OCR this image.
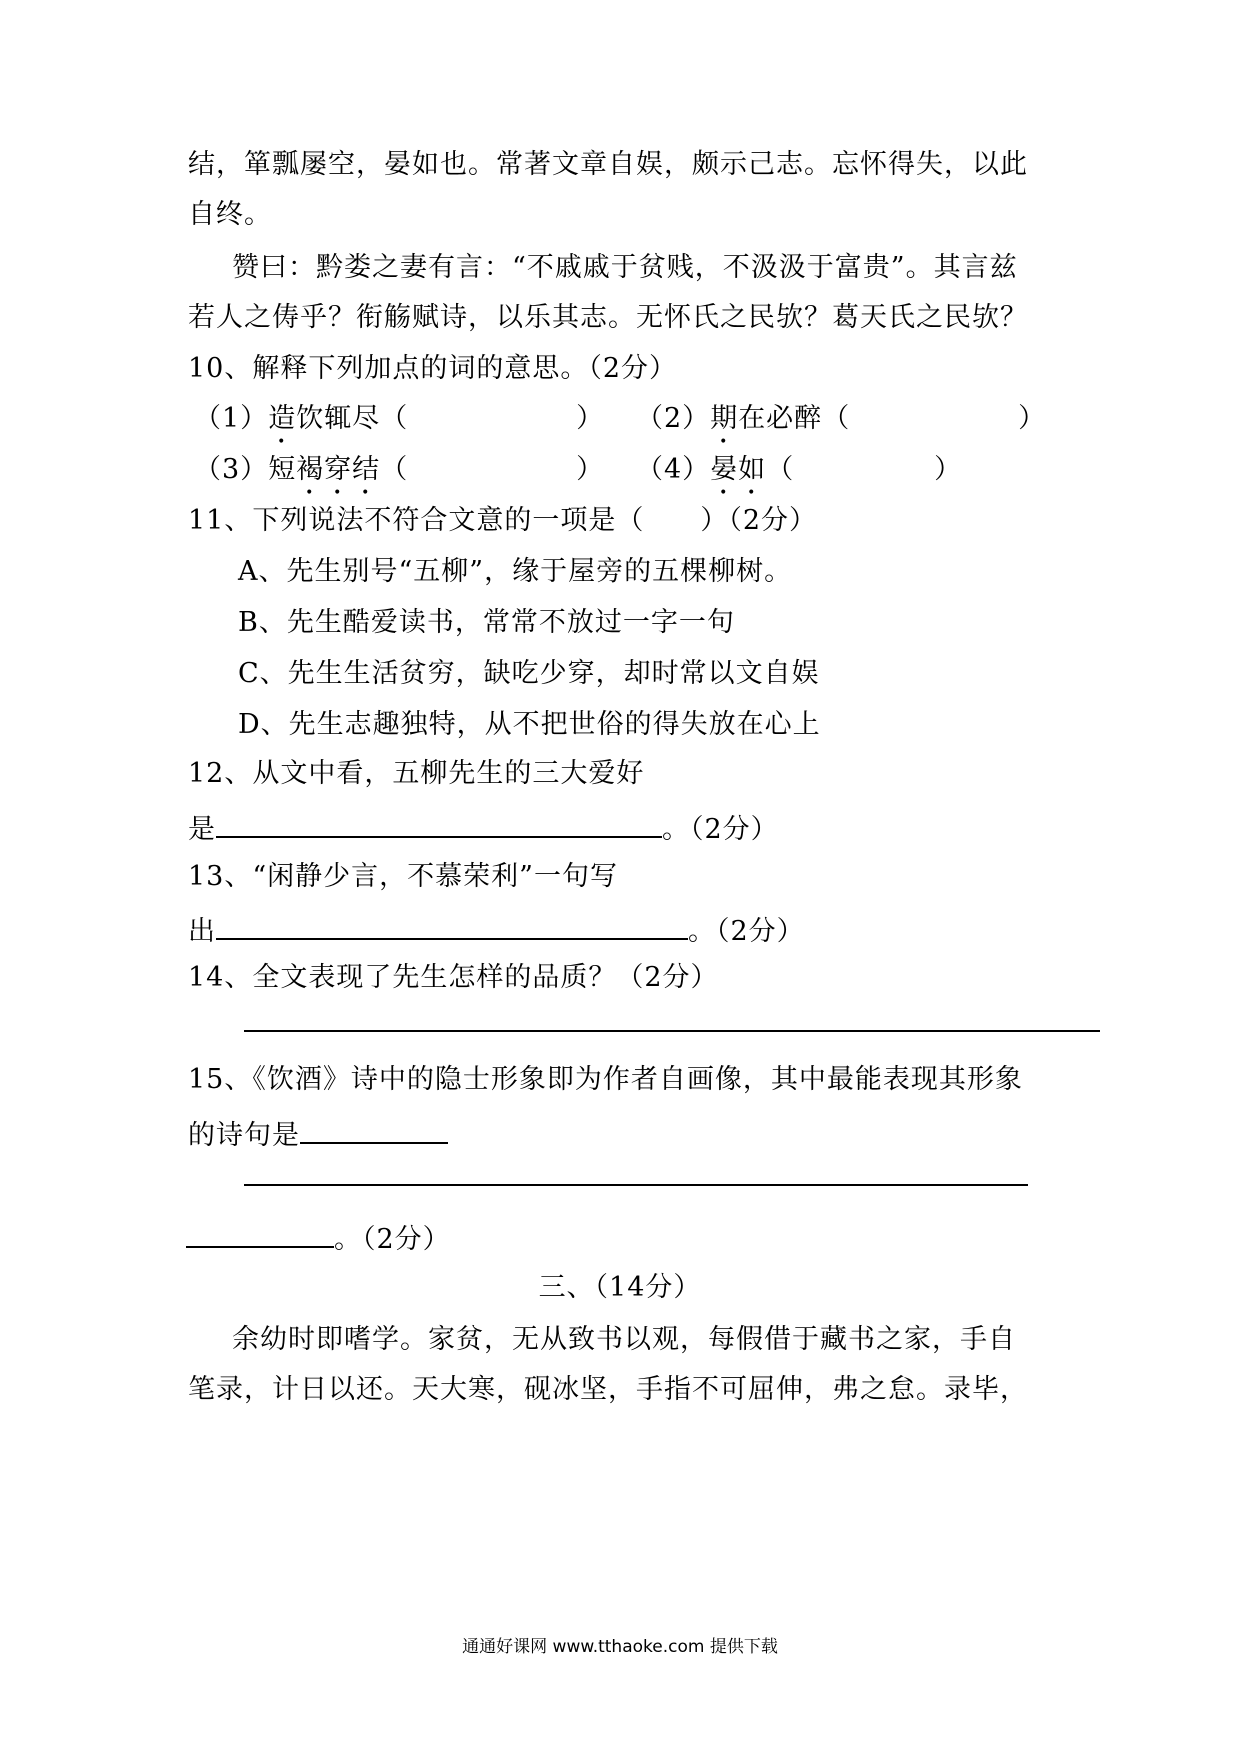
结，箪瓢屡空，晏如也。常著文章自娱，颇示己志。忘怀得失，以此
自终。
赞曰：黔娄之妻有言：“不戚戚于贫贱，不汲汲于富贵”。其言兹
若人之俦乎？衔觞赋诗，以乐其志。无怀氏之民欤？葛天氏之民欤？
10、解释下列加点的词的意思。（2分）
（1）造饮辄尽（　　　　　　） （2）期在必醉（　　　　　　）
（3）短褐穿结（　　　　　　） （4）晏如（　　　　　）
11、下列说法不符合文意的一项是（　　）（2分）
A、先生别号“五柳”，缘于屋旁的五棵柳树。
B、先生酷爱读书，常常不放过一字一句
C、先生生活贫穷，缺吃少穿，却时常以文自娱
D、先生志趣独特，从不把世俗的得失放在心上
12、从文中看，五柳先生的三大爱好
是	。（2分）
13、“闲静少言，不慕荣利”一句写
出	。（2分）
14、全文表现了先生怎样的品质？（2分）
15、《饮酒》诗中的隐士形象即为作者自画像，其中最能表现其形象
的诗句是
。（2分）
三、（14分）
余幼时即嗜学。家贫，无从致书以观，每假借于藏书之家，手自
笔录，计日以还。天大寒，砚冰坚，手指不可屈伸，弗之怠。录毕，
通通好课网 www.tthaoke.com 提供下载
